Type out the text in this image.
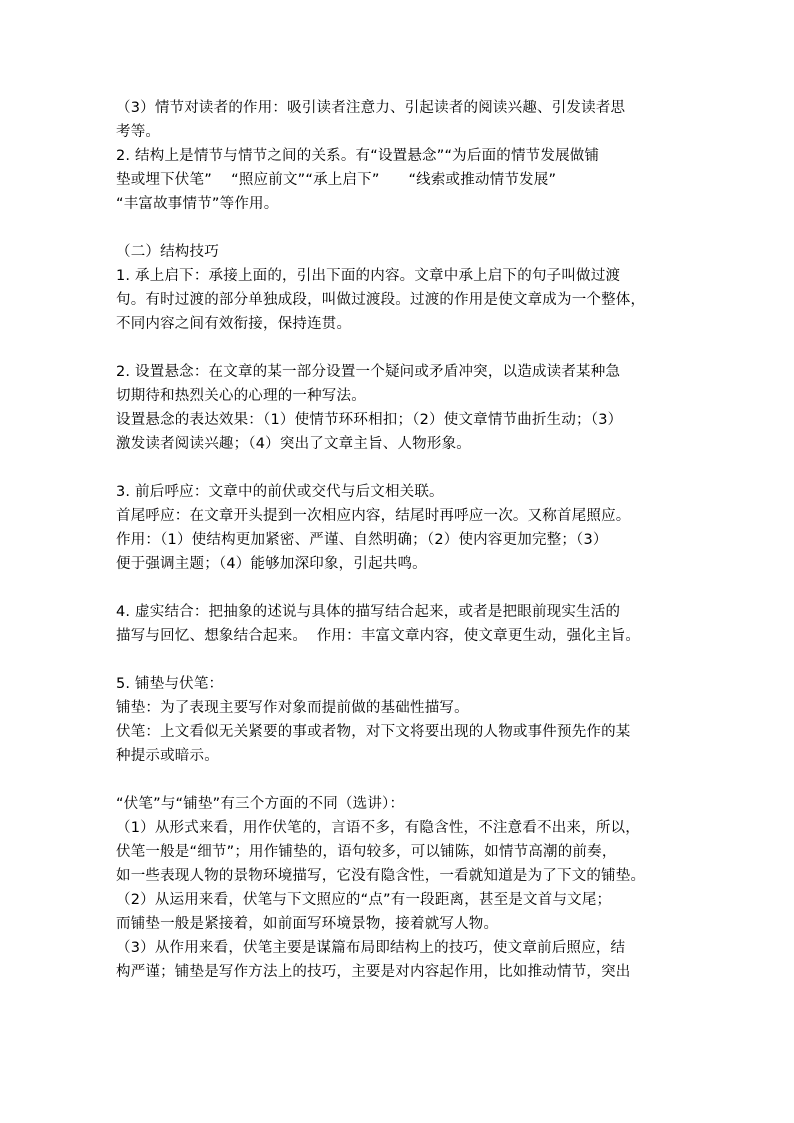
（3）情节对读者的作用：吸引读者注意力、引起读者的阅读兴趣、引发读者思
考等。
2. 结构上是情节与情节之间的关系。有“设置悬念”“为后面的情节发展做铺
垫或埋下伏笔”    “照应前文”“承上启下”      “线索或推动情节发展”
“丰富故事情节”等作用。
（二）结构技巧
1. 承上启下：承接上面的，引出下面的内容。文章中承上启下的句子叫做过渡
句。有时过渡的部分单独成段，叫做过渡段。过渡的作用是使文章成为一个整体，
不同内容之间有效衔接，保持连贯。
2. 设置悬念：在文章的某一部分设置一个疑问或矛盾冲突，以造成读者某种急
切期待和热烈关心的心理的一种写法。
设置悬念的表达效果：（1）使情节环环相扣；（2）使文章情节曲折生动；（3）
激发读者阅读兴趣；（4）突出了文章主旨、人物形象。
3. 前后呼应：文章中的前伏或交代与后文相关联。
首尾呼应：在文章开头提到一次相应内容，结尾时再呼应一次。又称首尾照应。
作用：（1）使结构更加紧密、严谨、自然明确；（2）使内容更加完整；（3）
便于强调主题；（4）能够加深印象，引起共鸣。
4. 虚实结合：把抽象的述说与具体的描写结合起来，或者是把眼前现实生活的
描写与回忆、想象结合起来。  作用：丰富文章内容，使文章更生动，强化主旨。
5. 铺垫与伏笔：
铺垫：为了表现主要写作对象而提前做的基础性描写。
伏笔：上文看似无关紧要的事或者物，对下文将要出现的人物或事件预先作的某
种提示或暗示。
“伏笔”与“铺垫”有三个方面的不同（选讲）：
（1）从形式来看，用作伏笔的，言语不多，有隐含性，不注意看不出来，所以，
伏笔一般是“细节”；用作铺垫的，语句较多，可以铺陈，如情节高潮的前奏，
如一些表现人物的景物环境描写，它没有隐含性，一看就知道是为了下文的铺垫。
（2）从运用来看，伏笔与下文照应的“点”有一段距离，甚至是文首与文尾；
而铺垫一般是紧接着，如前面写环境景物，接着就写人物。
（3）从作用来看，伏笔主要是谋篇布局即结构上的技巧，使文章前后照应，结
构严谨；铺垫是写作方法上的技巧，主要是对内容起作用，比如推动情节，突出
